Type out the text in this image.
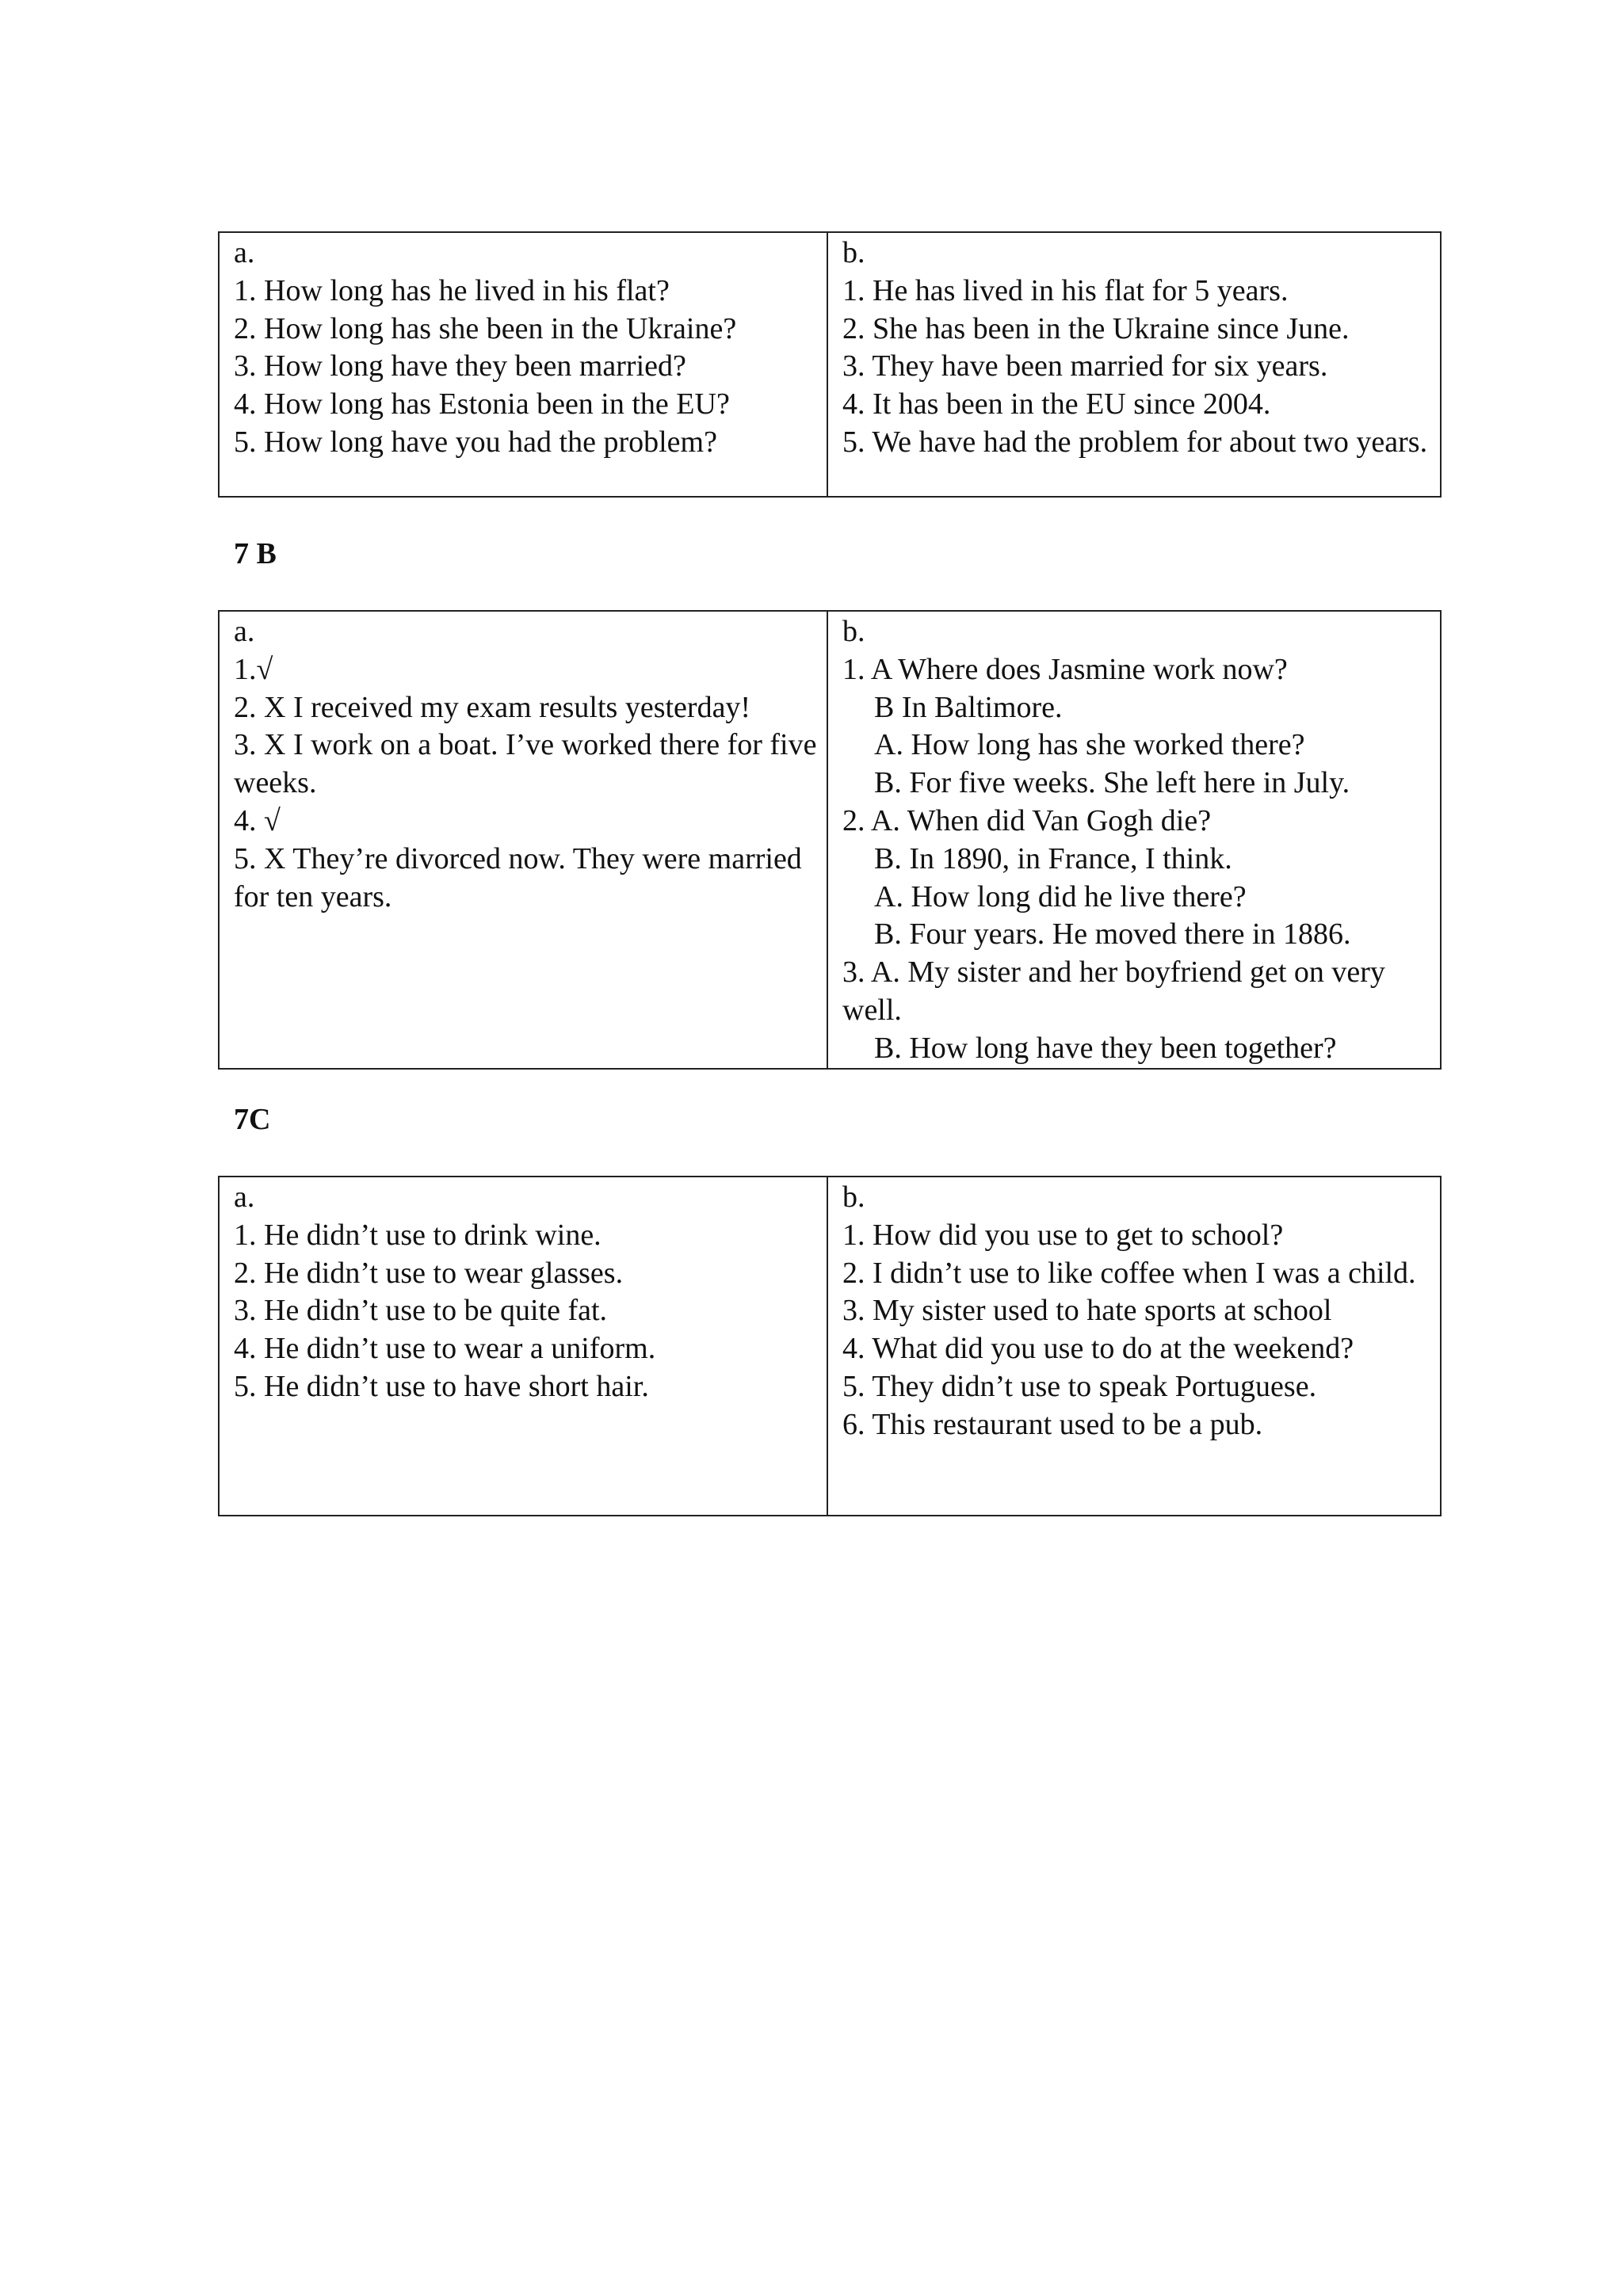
a.
1. How long has he lived in his flat?
2. How long has she been in the Ukraine?
3. How long have they been married?
4. How long has Estonia been in the EU?
5. How long have you had the problem?

b.
1. He has lived in his flat for 5 years.
2. She has been in the Ukraine since June.
3. They have been married for six years.
4. It has been in the EU since 2004.
5. We have had the problem for about two years.
7 B
a.
1.√
2. X I received my exam results yesterday!
3. X I work on a boat. I’ve worked there for five weeks.
4. √
5. X They’re divorced now. They were married for ten years.

b.
1. A Where does Jasmine work now?
B In Baltimore.
A. How long has she worked there?
B. For five weeks. She left here in July.
2. A. When did Van Gogh die?
B. In 1890, in France, I think.
A. How long did he live there?
B. Four years. He moved there in 1886.
3. A. My sister and her boyfriend get on very well.
B. How long have they been together?
7C
a.
1. He didn’t use to drink wine.
2. He didn’t use to wear glasses.
3. He didn’t use to be quite fat.
4. He didn’t use to wear a uniform.
5. He didn’t use to have short hair.

b.
1. How did you use to get to school?
2. I didn’t use to like coffee when I was a child.
3. My sister used to hate sports at school
4. What did you use to do at the weekend?
5. They didn’t use to speak Portuguese.
6. This restaurant used to be a pub.
